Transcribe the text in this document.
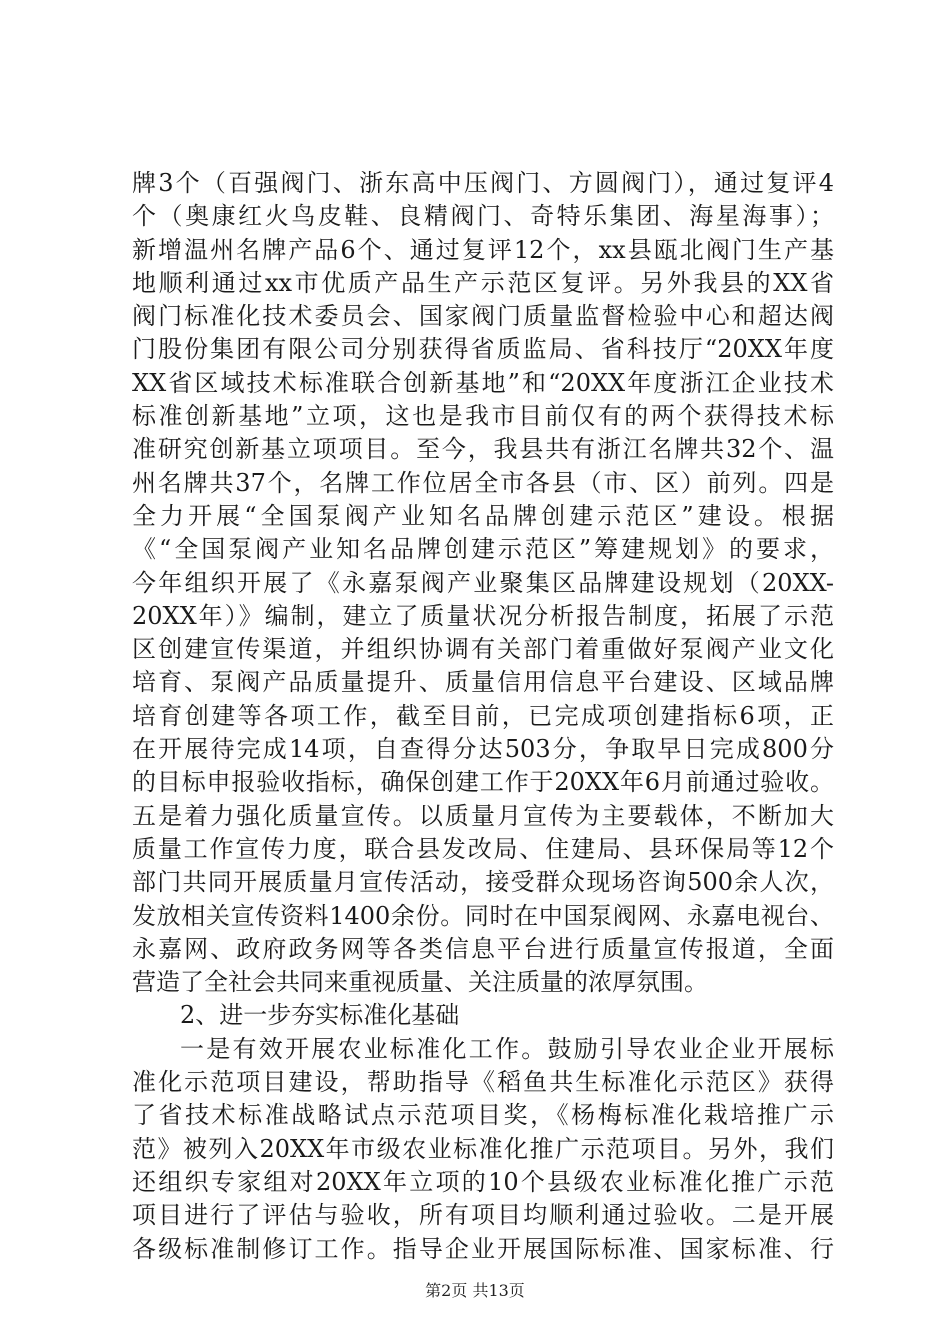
牌3个（百强阀门、浙东高中压阀门、方圆阀门），通过复评4
个（奥康红火鸟皮鞋、良精阀门、奇特乐集团、海星海事）；
新增温州名牌产品6个、通过复评12个，xx县瓯北阀门生产基
地顺利通过xx市优质产品生产示范区复评。另外我县的XX省
阀门标准化技术委员会、国家阀门质量监督检验中心和超达阀
门股份集团有限公司分别获得省质监局、省科技厅“20XX年度
XX省区域技术标准联合创新基地”和“20XX年度浙江企业技术
标准创新基地”立项，这也是我市目前仅有的两个获得技术标
准研究创新基立项项目。至今，我县共有浙江名牌共32个、温
州名牌共37个，名牌工作位居全市各县（市、区）前列。四是
全力开展“全国泵阀产业知名品牌创建示范区”建设。根据
《“全国泵阀产业知名品牌创建示范区”筹建规划》的要求，
今年组织开展了《永嘉泵阀产业聚集区品牌建设规划（20XX-
20XX年）》编制，建立了质量状况分析报告制度，拓展了示范
区创建宣传渠道，并组织协调有关部门着重做好泵阀产业文化
培育、泵阀产品质量提升、质量信用信息平台建设、区域品牌
培育创建等各项工作，截至目前，已完成项创建指标6项，正
在开展待完成14项，自查得分达503分，争取早日完成800分
的目标申报验收指标，确保创建工作于20XX年6月前通过验收。
五是着力强化质量宣传。以质量月宣传为主要载体，不断加大
质量工作宣传力度，联合县发改局、住建局、县环保局等12个
部门共同开展质量月宣传活动，接受群众现场咨询500余人次，
发放相关宣传资料1400余份。同时在中国泵阀网、永嘉电视台、
永嘉网、政府政务网等各类信息平台进行质量宣传报道，全面
营造了全社会共同来重视质量、关注质量的浓厚氛围。
2、进一步夯实标准化基础
一是有效开展农业标准化工作。鼓励引导农业企业开展标
准化示范项目建设，帮助指导《稻鱼共生标准化示范区》获得
了省技术标准战略试点示范项目奖，《杨梅标准化栽培推广示
范》被列入20XX年市级农业标准化推广示范项目。另外，我们
还组织专家组对20XX年立项的10个县级农业标准化推广示范
项目进行了评估与验收，所有项目均顺利通过验收。二是开展
各级标准制修订工作。指导企业开展国际标准、国家标准、行
第2页 共13页
